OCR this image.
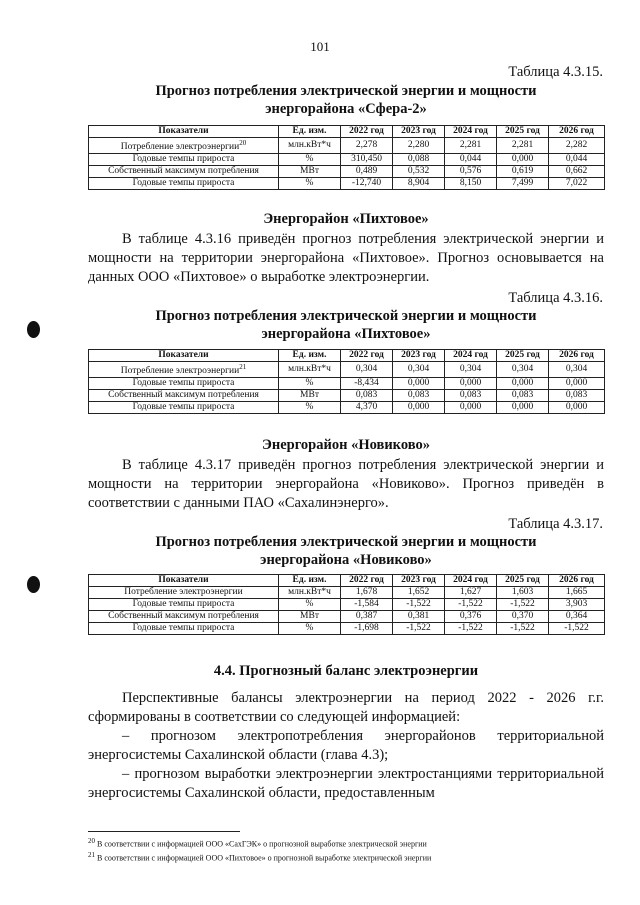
101
Таблица 4.3.15.
Прогноз потребления электрической энергии и мощности
энергорайона «Сфера-2»
Показатели	Ед. изм.	2022 год	2023 год	2024 год	2025 год	2026 год
Потребление электроэнергии$^{20}$	млн.кВт*ч	2,278	2,280	2,281	2,281	2,282
Годовые темпы прироста	%	310,450	0,088	0,044	0,000	0,044
Собственный максимум потребления	МВт	0,489	0,532	0,576	0,619	0,662
Годовые темпы прироста	%	-12,740	8,904	8,150	7,499	7,022
Энергорайон «Пихтовое»
В таблице 4.3.16 приведён прогноз потребления электрической энергии и мощности на территории энергорайона «Пихтовое». Прогноз основывается на данных ООО «Пихтовое» о выработке электроэнергии.
Таблица 4.3.16.
Прогноз потребления электрической энергии и мощности
энергорайона «Пихтовое»
Показатели	Ед. изм.	2022 год	2023 год	2024 год	2025 год	2026 год
Потребление электроэнергии$^{21}$	млн.кВт*ч	0,304	0,304	0,304	0,304	0,304
Годовые темпы прироста	%	-8,434	0,000	0,000	0,000	0,000
Собственный максимум потребления	МВт	0,083	0,083	0,083	0,083	0,083
Годовые темпы прироста	%	4,370	0,000	0,000	0,000	0,000
Энергорайон «Новиково»
В таблице 4.3.17 приведён прогноз потребления электрической энергии и мощности на территории энергорайона «Новиково». Прогноз приведён в соответствии с данными ПАО «Сахалинэнерго».
Таблица 4.3.17.
Прогноз потребления электрической энергии и мощности
энергорайона «Новиково»
Показатели	Ед. изм.	2022 год	2023 год	2024 год	2025 год	2026 год
Потребление электроэнергии	млн.кВт*ч	1,678	1,652	1,627	1,603	1,665
Годовые темпы прироста	%	-1,584	-1,522	-1,522	-1,522	3,903
Собственный максимум потребления	МВт	0,387	0,381	0,376	0,370	0,364
Годовые темпы прироста	%	-1,698	-1,522	-1,522	-1,522	-1,522
4.4. Прогнозный баланс электроэнергии
Перспективные балансы электроэнергии на период 2022 - 2026 г.г. сформированы в соответствии со следующей информацией:
– прогнозом электропотребления энергорайонов территориальной энергосистемы Сахалинской области (глава 4.3);
– прогнозом выработки электроэнергии электростанциями территориальной энергосистемы Сахалинской области, предоставленным
$^{20}$ В соответствии с информацией ООО «СахГЭК» о прогнозной выработке электрической энергии
$^{21}$ В соответствии с информацией ООО «Пихтовое» о прогнозной выработке электрической энергии
